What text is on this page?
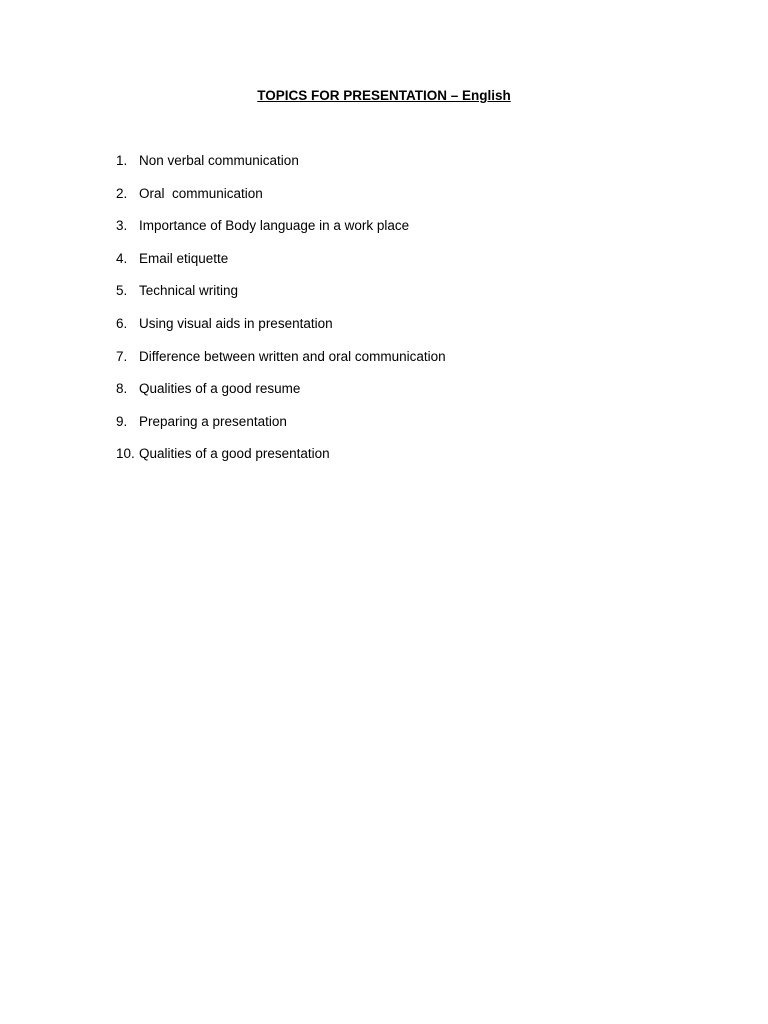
TOPICS FOR PRESENTATION – English

1.

Non verbal communication

2.

Oral  communication

3.

Importance of Body language in a work place

4.

Email etiquette

5.

Technical writing

6.

Using visual aids in presentation

7.

Difference between written and oral communication

8.

Qualities of a good resume

9.

Preparing a presentation

10.

Qualities of a good presentation
